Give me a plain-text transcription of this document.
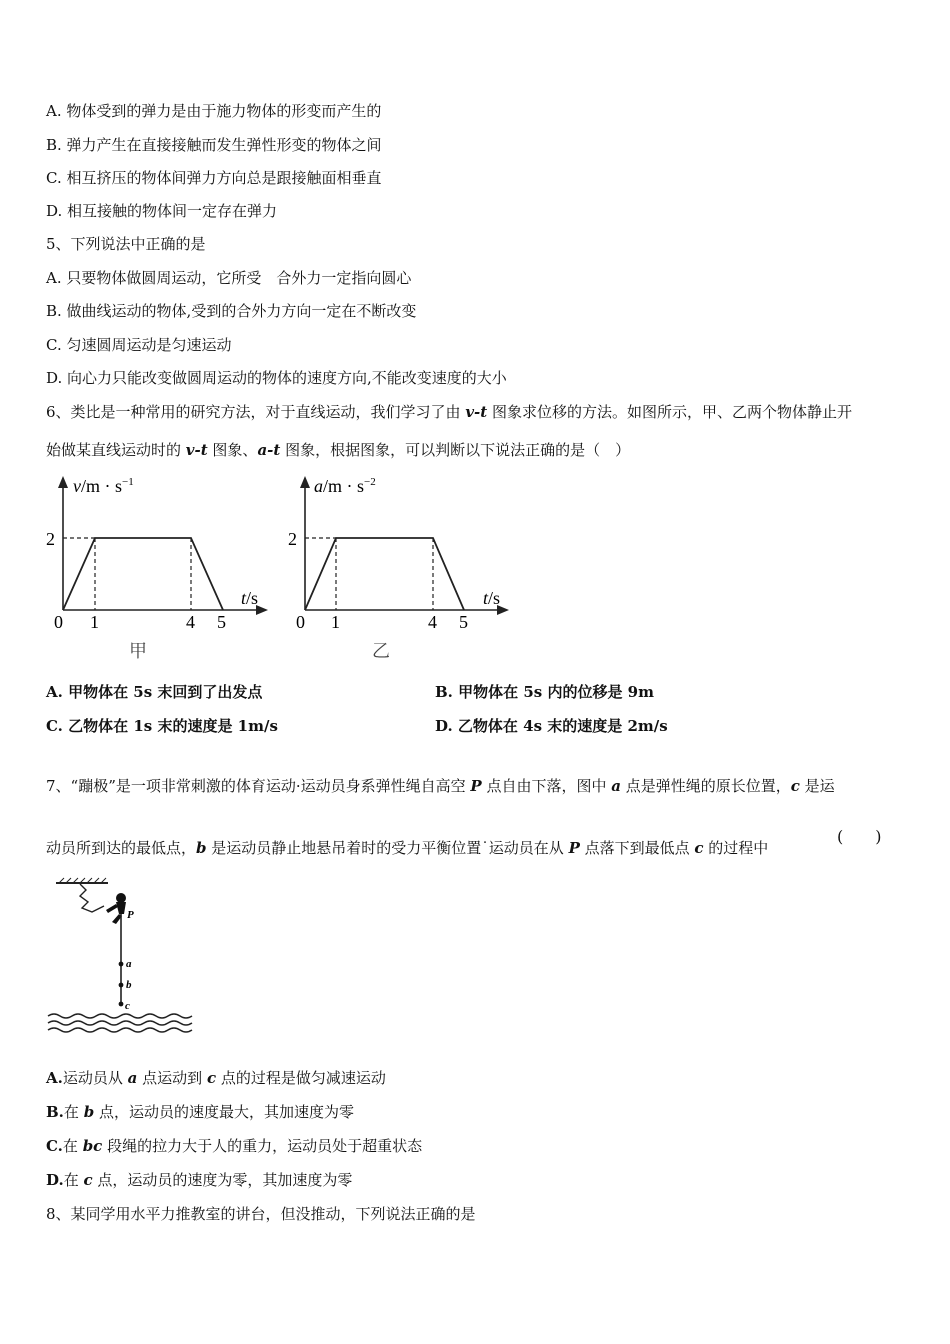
A. 物体受到的弹力是由于施力物体的形变而产生的
B. 弹力产生在直接接触而发生弹性形变的物体之间
C. 相互挤压的物体间弹力方向总是跟接触面相垂直
D. 相互接触的物体间一定存在弹力
5、下列说法中正确的是
A. 只要物体做圆周运动，它所受　合外力一定指向圆心
B. 做曲线运动的物体,受到的合外力方向一定在不断改变
C. 匀速圆周运动是匀速运动
D. 向心力只能改变做圆周运动的物体的速度方向,不能改变速度的大小
6、类比是一种常用的研究方法，对于直线运动，我们学习了由 v-t 图象求位移的方法。如图所示，甲、乙两个物体静止开
始做某直线运动时的 v-t 图象、a-t 图象，根据图象，可以判断以下说法正确的是（　）
$v/m \cdot s^{-1}$
2
t/s
0 1	4 5
甲
$a/m \cdot s^{-2}$
2
t/s
0 1	4 5
乙
A. 甲物体在 5s 末回到了出发点	B. 甲物体在 5s 内的位移是 9m
C. 乙物体在 1s 末的速度是 1m/s	D. 乙物体在 4s 末的速度是 2m/s
7、“蹦极”是一项非常刺激的体育运动·运动员身系弹性绳自高空 P 点自由下落，图中 a 点是弹性绳的原长位置，c 是运
动员所到达的最低点，b 是运动员静止地悬吊着时的受力平衡位置˙运动员在从 P 点落下到最低点 c 的过程中
(　　)
P
a
b
c
A.运动员从 a 点运动到 c 点的过程是做匀减速运动
B.在 b 点，运动员的速度最大，其加速度为零
C.在 bc 段绳的拉力大于人的重力，运动员处于超重状态
D.在 c 点，运动员的速度为零，其加速度为零
8、某同学用水平力推教室的讲台，但没推动，下列说法正确的是
